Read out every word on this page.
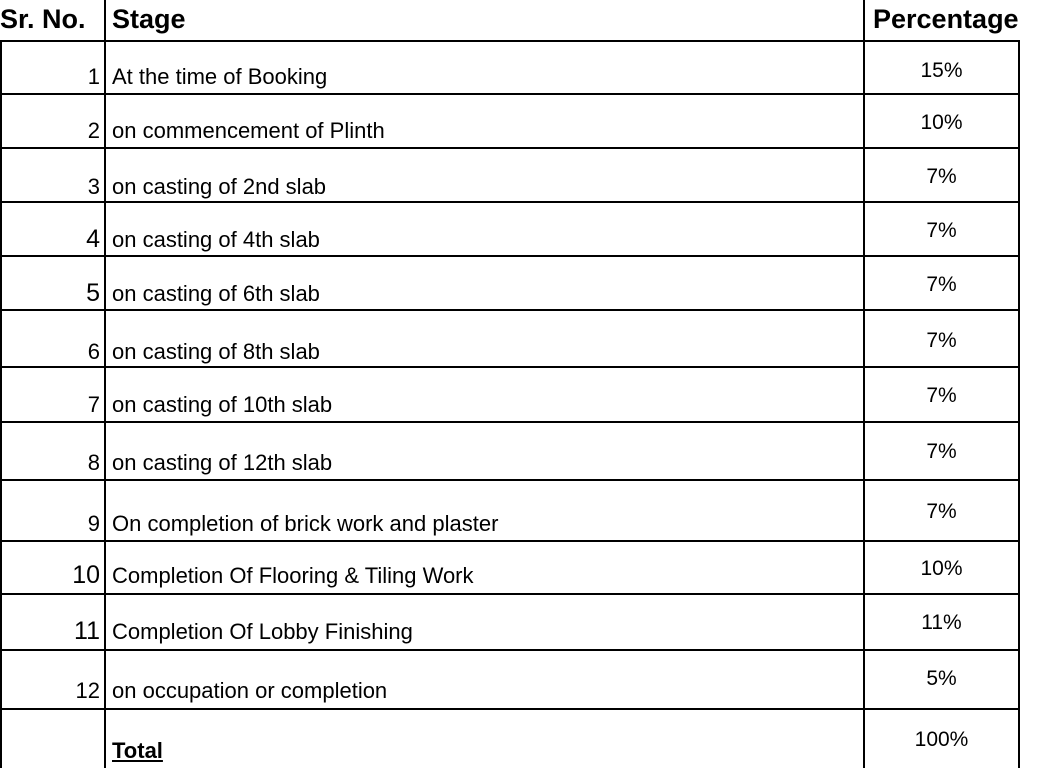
Sr. No. Stage	Percentage
1 At the time of Booking	15%
2 on commencement of Plinth	10%
3 on casting of 2nd slab	7%
4 on casting of 4th slab	7%
5 on casting of 6th slab	7%
6 on casting of 8th slab	7%
7 on casting of 10th slab	7%
8 on casting of 12th slab	7%
9 On completion of brick work and plaster	7%
10 Completion Of Flooring & Tiling Work	10%
11 Completion Of Lobby Finishing	11%
12 on occupation or completion	5%
Total	100%
